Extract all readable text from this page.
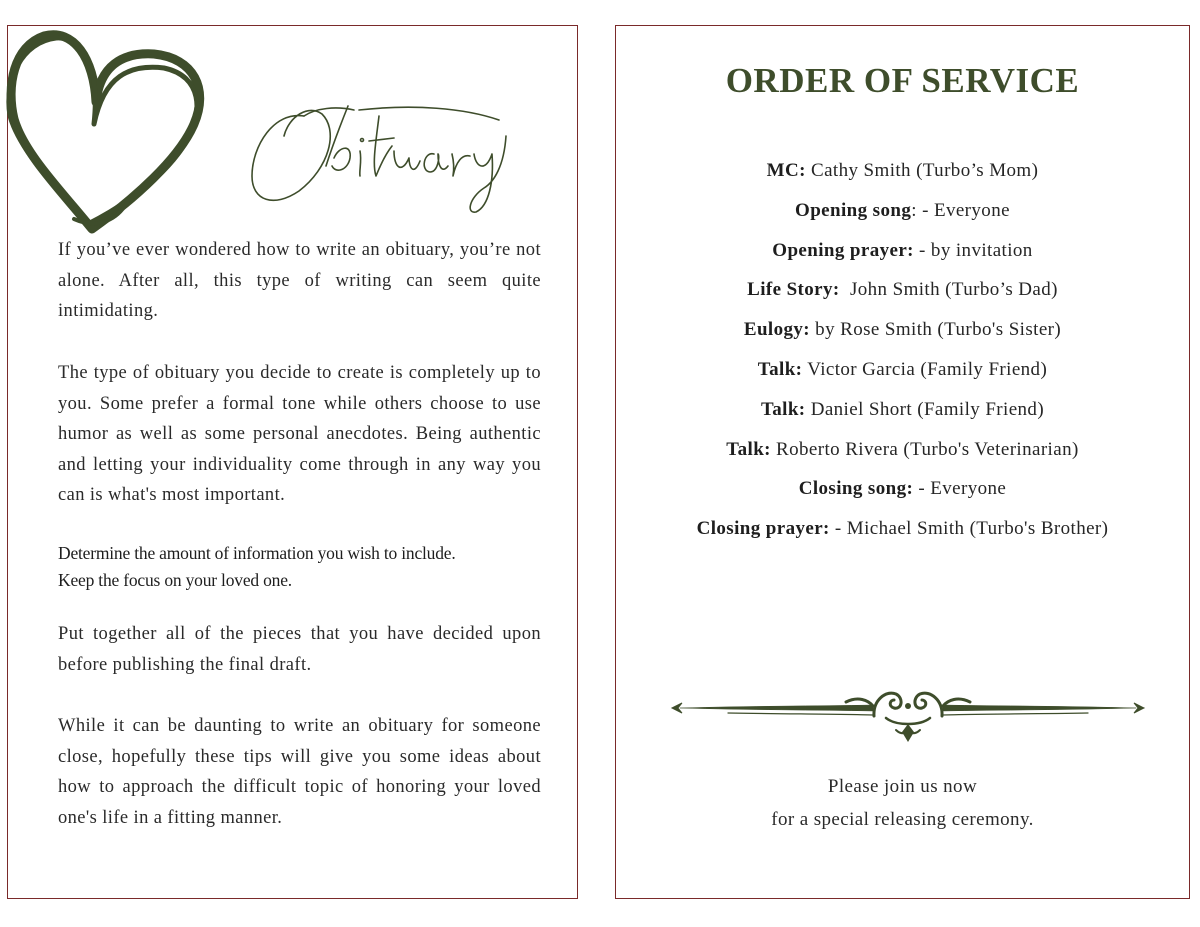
If you’ve ever wondered how to write an obituary, you’re not alone. After all, this type of writing can seem quite intimidating.

The type of obituary you decide to create is completely up to you. Some prefer a formal tone while others choose to use humor as well as some personal anecdotes. Being authentic and letting your individuality come through in any way you can is what's most important.

Determine the amount of information you wish to include.

Keep the focus on your loved one.

Put together all of the pieces that you have decided upon before publishing the final draft.

While it can be daunting to write an obituary for someone close, hopefully these tips will give you some ideas about how to approach the difficult topic of honoring your loved one's life in a fitting manner.

ORDER OF SERVICE
MC: Cathy Smith (Turbo’s Mom)
Opening song: - Everyone
Opening prayer: - by invitation
Life Story:  John Smith (Turbo’s Dad)
Eulogy: by Rose Smith (Turbo's Sister)
Talk: Victor Garcia (Family Friend)
Talk: Daniel Short (Family Friend)
Talk: Roberto Rivera (Turbo's Veterinarian)
Closing song: - Everyone
Closing prayer: - Michael Smith (Turbo's Brother)

Please join us now

for a special releasing ceremony.
